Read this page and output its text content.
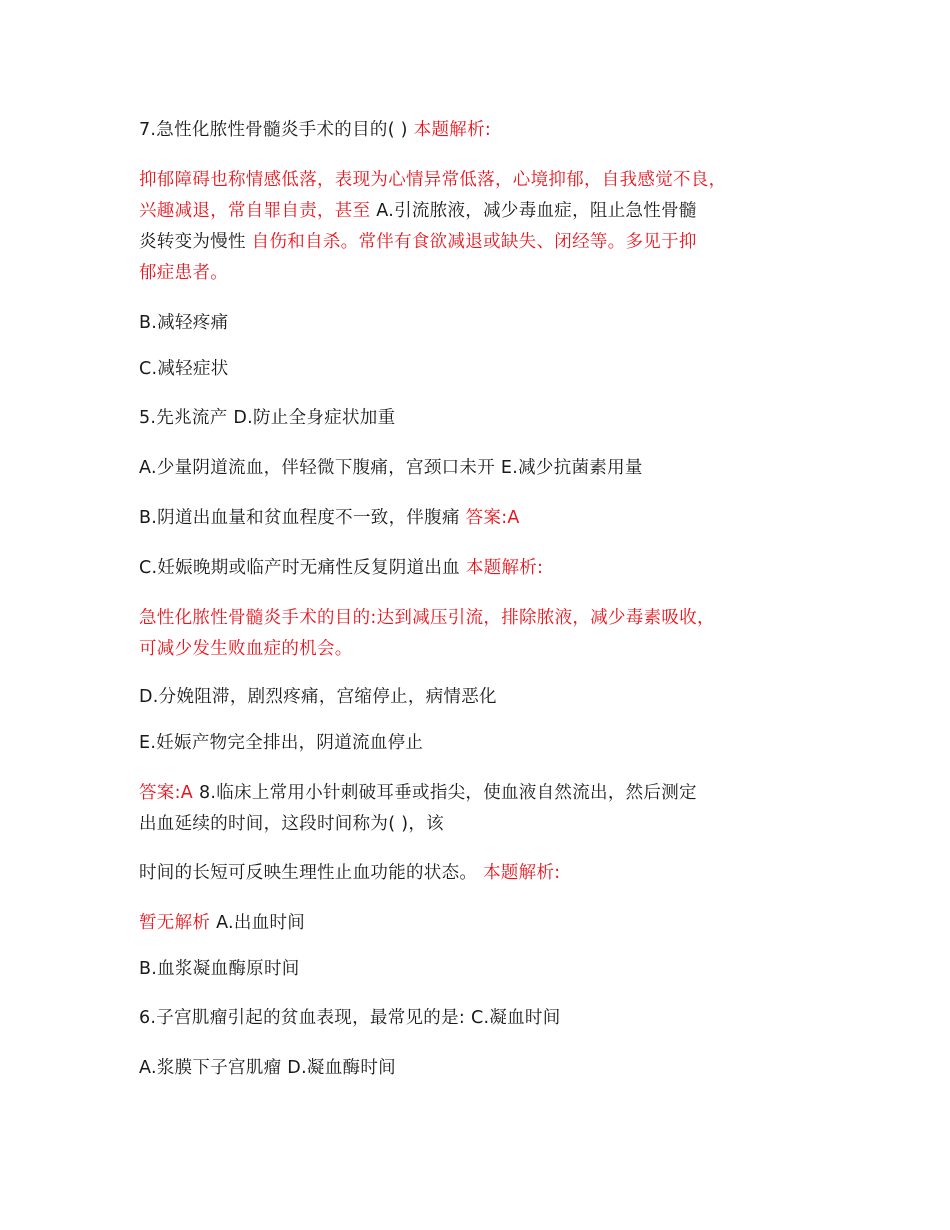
7.急性化脓性骨髓炎手术的目的( ) 本题解析:
抑郁障碍也称情感低落，表现为心情异常低落，心境抑郁，自我感觉不良，
兴趣减退，常自罪自责，甚至 A.引流脓液，减少毒血症，阻止急性骨髓
炎转变为慢性 自伤和自杀。常伴有食欲减退或缺失、闭经等。多见于抑
郁症患者。
B.减轻疼痛
C.减轻症状
5.先兆流产 D.防止全身症状加重
A.少量阴道流血，伴轻微下腹痛，宫颈口未开 E.减少抗菌素用量
B.阴道出血量和贫血程度不一致，伴腹痛 答案:A
C.妊娠晚期或临产时无痛性反复阴道出血 本题解析:
急性化脓性骨髓炎手术的目的:达到减压引流，排除脓液，减少毒素吸收，
可减少发生败血症的机会。
D.分娩阻滞，剧烈疼痛，宫缩停止，病情恶化
E.妊娠产物完全排出，阴道流血停止
答案:A 8.临床上常用小针刺破耳垂或指尖，使血液自然流出，然后测定
出血延续的时间，这段时间称为( )，该
时间的长短可反映生理性止血功能的状态。 本题解析:
暂无解析 A.出血时间
B.血浆凝血酶原时间
6.子宫肌瘤引起的贫血表现，最常见的是: C.凝血时间
A.浆膜下子宫肌瘤 D.凝血酶时间
